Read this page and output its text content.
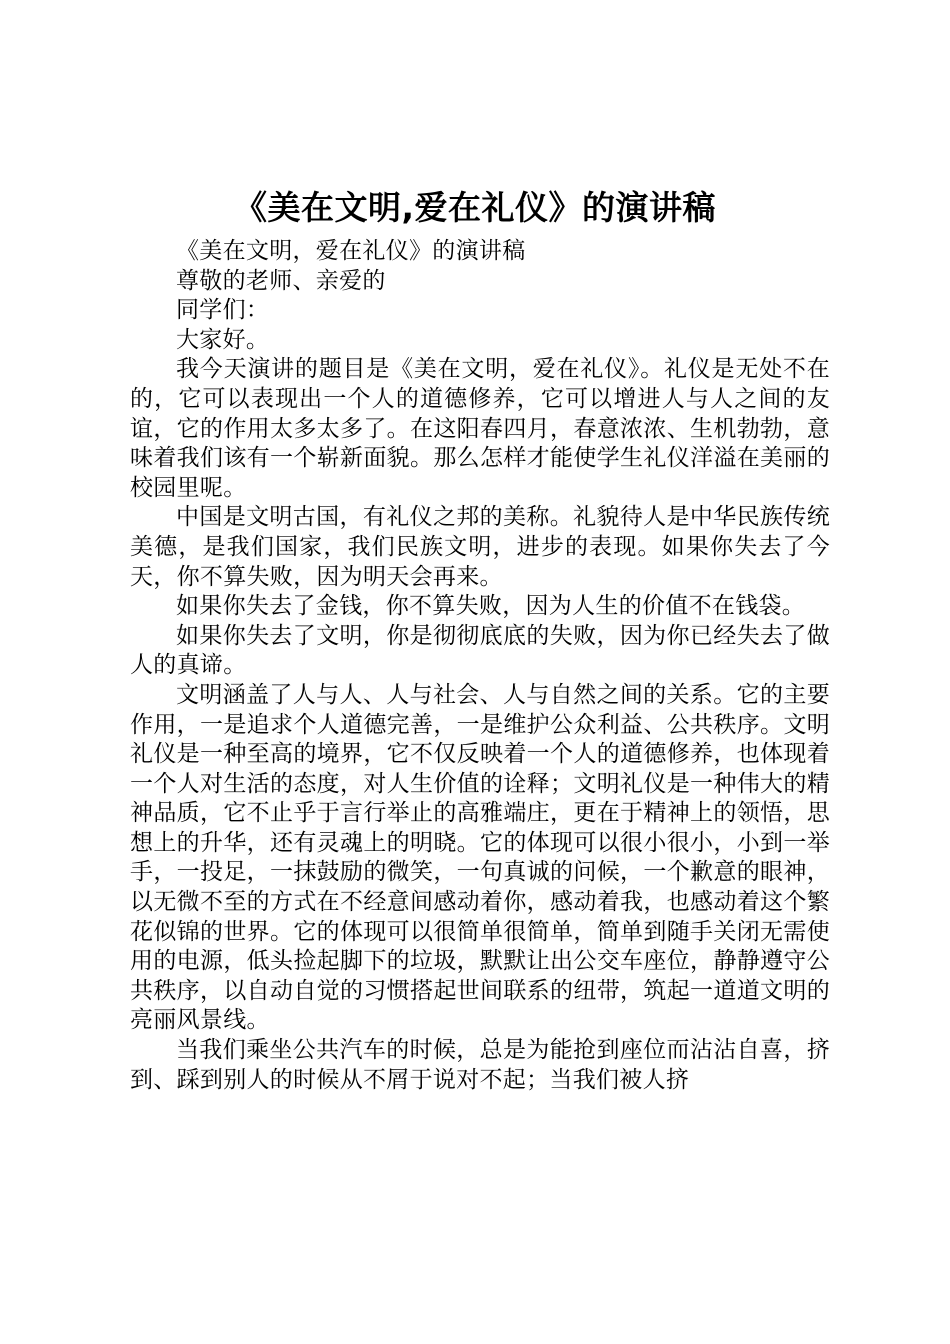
《美在文明,爱在礼仪》的演讲稿

《美在文明，爱在礼仪》的演讲稿

尊敬的老师、亲爱的

同学们：

大家好。

我今天演讲的题目是《美在文明，爱在礼仪》。礼仪是无处不在的，它可以表现出一个人的道德修养，它可以增进人与人之间的友谊，它的作用太多太多了。在这阳春四月，春意浓浓、生机勃勃，意味着我们该有一个崭新面貌。那么怎样才能使学生礼仪洋溢在美丽的校园里呢。

中国是文明古国，有礼仪之邦的美称。礼貌待人是中华民族传统美德，是我们国家，我们民族文明，进步的表现。如果你失去了今天，你不算失败，因为明天会再来。

如果你失去了金钱，你不算失败，因为人生的价值不在钱袋。

如果你失去了文明，你是彻彻底底的失败，因为你已经失去了做人的真谛。

文明涵盖了人与人、人与社会、人与自然之间的关系。它的主要作用，一是追求个人道德完善，一是维护公众利益、公共秩序。文明礼仪是一种至高的境界，它不仅反映着一个人的道德修养，也体现着一个人对生活的态度，对人生价值的诠释；文明礼仪是一种伟大的精神品质，它不止乎于言行举止的高雅端庄，更在于精神上的领悟，思想上的升华，还有灵魂上的明晓。它的体现可以很小很小，小到一举手，一投足，一抹鼓励的微笑，一句真诚的问候，一个歉意的眼神，以无微不至的方式在不经意间感动着你，感动着我，也感动着这个繁花似锦的世界。它的体现可以很简单很简单，简单到随手关闭无需使用的电源，低头捡起脚下的垃圾，默默让出公交车座位，静静遵守公共秩序，以自动自觉的习惯搭起世间联系的纽带，筑起一道道文明的亮丽风景线。

当我们乘坐公共汽车的时候，总是为能抢到座位而沾沾自喜，挤到、踩到别人的时候从不屑于说对不起；当我们被人挤
